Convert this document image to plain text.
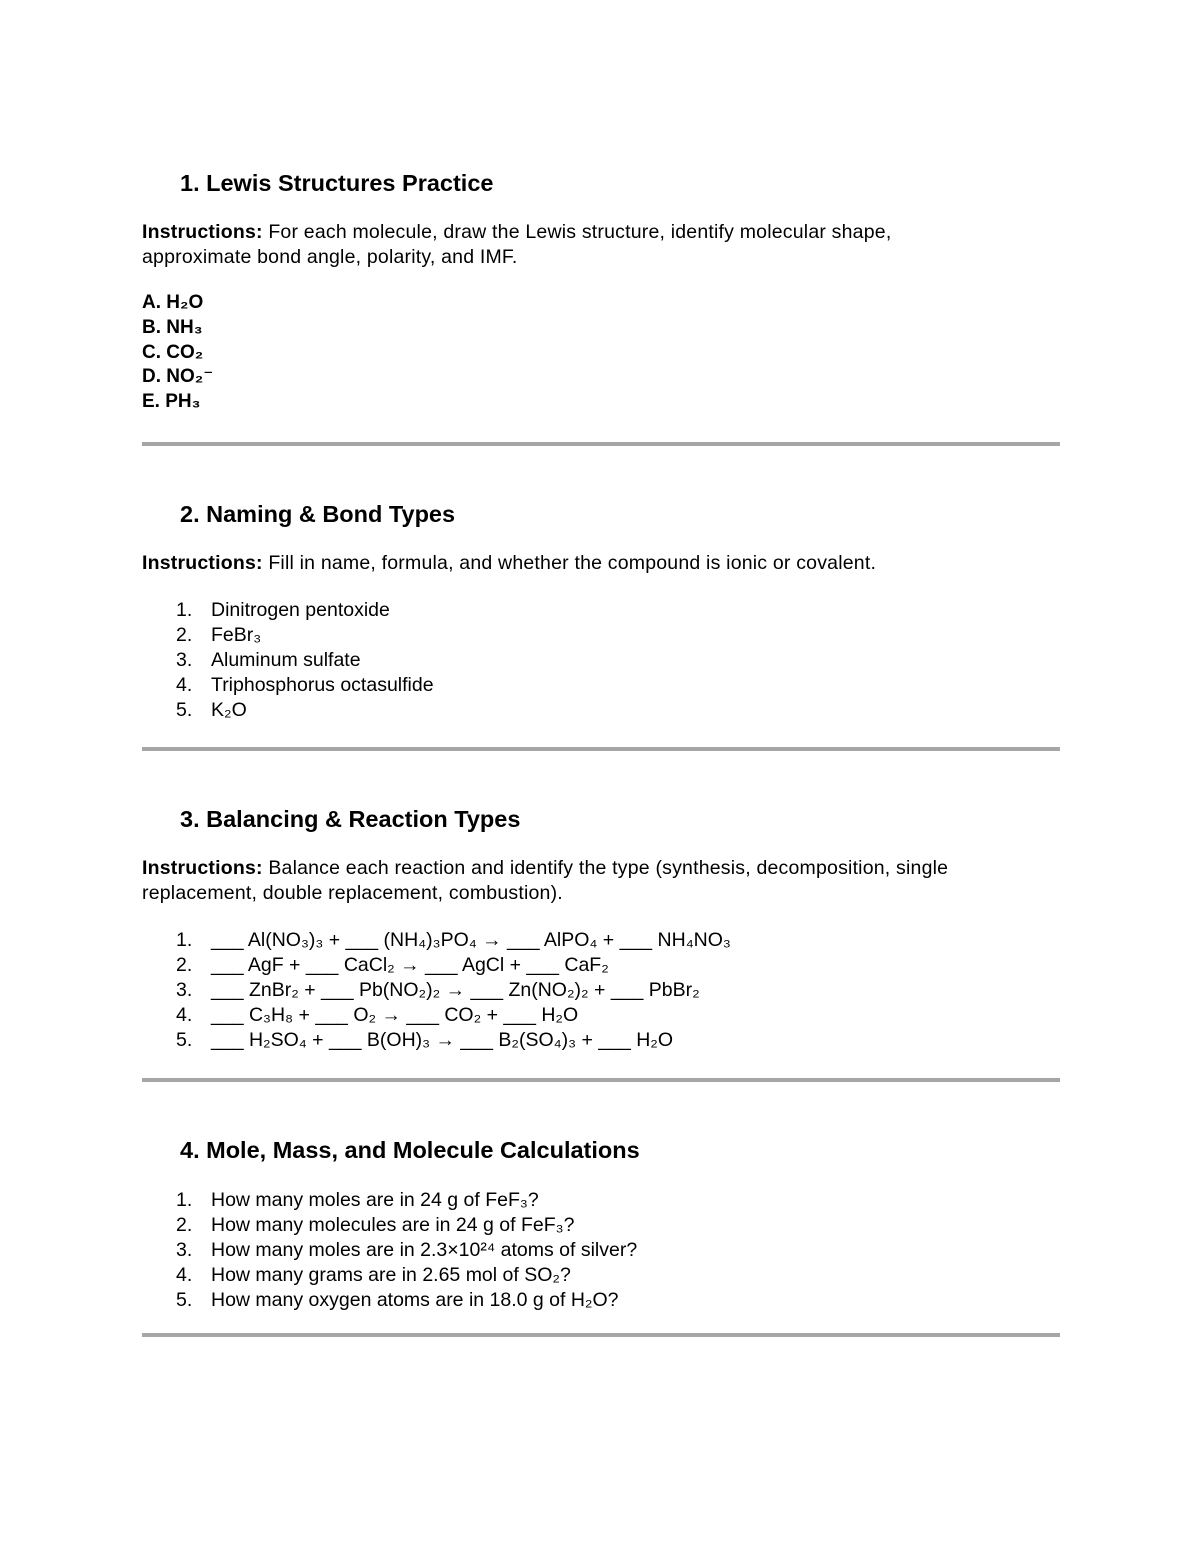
1. Lewis Structures Practice
Instructions: For each molecule, draw the Lewis structure, identify molecular shape,
approximate bond angle, polarity, and IMF.
A. H₂O
B. NH₃
C. CO₂
D. NO₂⁻
E. PH₃
2. Naming & Bond Types
Instructions: Fill in name, formula, and whether the compound is ionic or covalent.
1. Dinitrogen pentoxide
2. FeBr₃
3. Aluminum sulfate
4. Triphosphorus octasulfide
5. K₂O
3. Balancing & Reaction Types
Instructions: Balance each reaction and identify the type (synthesis, decomposition, single
replacement, double replacement, combustion).
1. ___ Al(NO₃)₃ + ___ (NH₄)₃PO₄ → ___ AlPO₄ + ___ NH₄NO₃
2. ___ AgF + ___ CaCl₂ → ___ AgCl + ___ CaF₂
3. ___ ZnBr₂ + ___ Pb(NO₂)₂ → ___ Zn(NO₂)₂ + ___ PbBr₂
4. ___ C₃H₈ + ___ O₂ → ___ CO₂ + ___ H₂O
5. ___ H₂SO₄ + ___ B(OH)₃ → ___ B₂(SO₄)₃ + ___ H₂O
4. Mole, Mass, and Molecule Calculations
1. How many moles are in 24 g of FeF₃?
2. How many molecules are in 24 g of FeF₃?
3. How many moles are in 2.3×10²⁴ atoms of silver?
4. How many grams are in 2.65 mol of SO₂?
5. How many oxygen atoms are in 18.0 g of H₂O?
